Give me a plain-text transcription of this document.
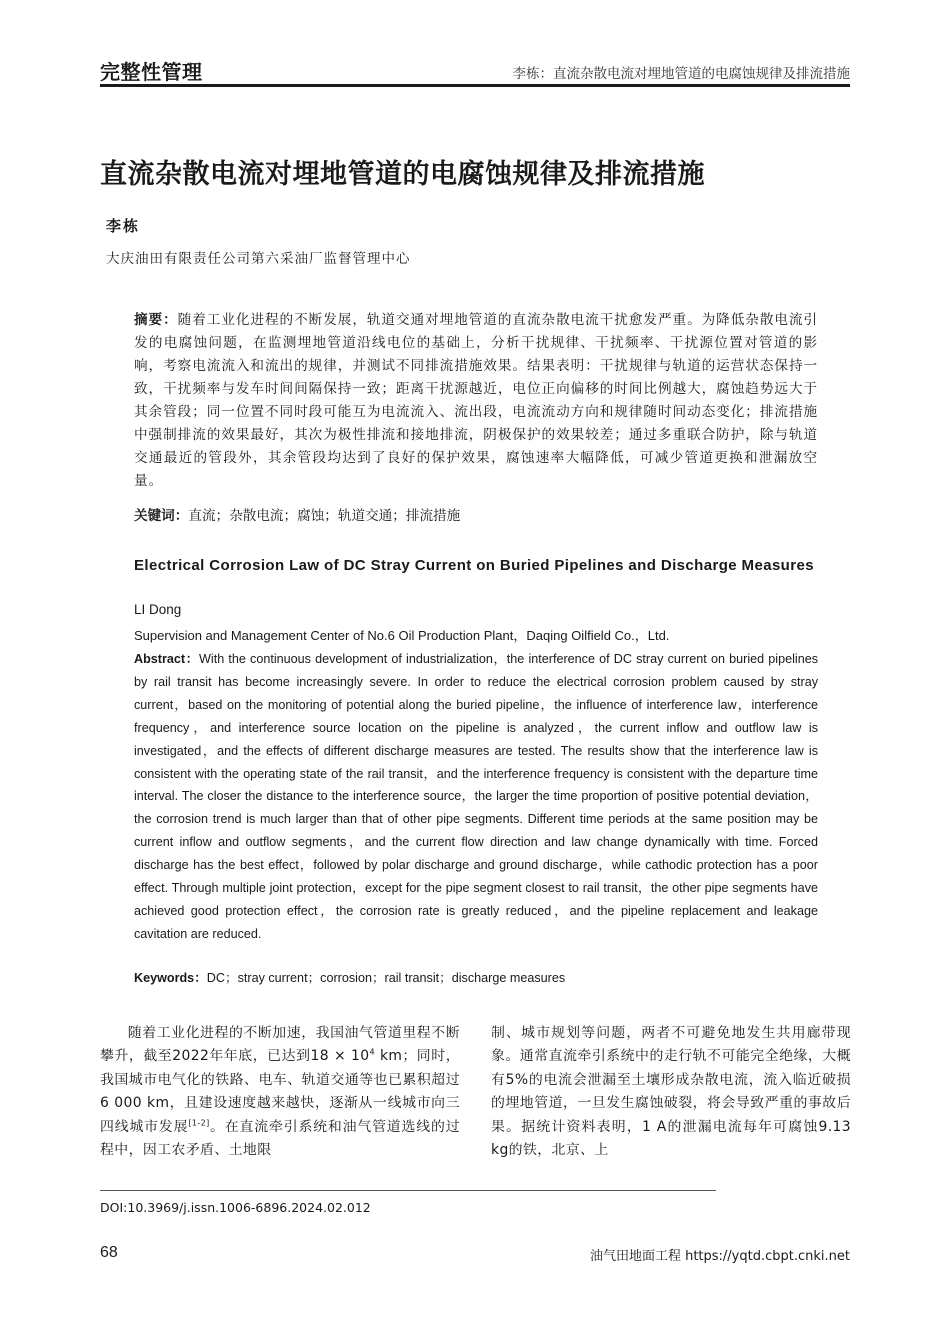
完整性管理	李栋：直流杂散电流对埋地管道的电腐蚀规律及排流措施
直流杂散电流对埋地管道的电腐蚀规律及排流措施
李栋
大庆油田有限责任公司第六采油厂监督管理中心
摘要：随着工业化进程的不断发展，轨道交通对埋地管道的直流杂散电流干扰愈发严重。为降低杂散电流引发的电腐蚀问题，在监测埋地管道沿线电位的基础上，分析干扰规律、干扰频率、干扰源位置对管道的影响，考察电流流入和流出的规律，并测试不同排流措施效果。结果表明：干扰规律与轨道的运营状态保持一致，干扰频率与发车时间间隔保持一致；距离干扰源越近，电位正向偏移的时间比例越大，腐蚀趋势远大于其余管段；同一位置不同时段可能互为电流流入、流出段，电流流动方向和规律随时间动态变化；排流措施中强制排流的效果最好，其次为极性排流和接地排流，阴极保护的效果较差；通过多重联合防护，除与轨道交通最近的管段外，其余管段均达到了良好的保护效果，腐蚀速率大幅降低，可减少管道更换和泄漏放空量。
关键词：直流；杂散电流；腐蚀；轨道交通；排流措施
Electrical Corrosion Law of DC Stray Current on Buried Pipelines and Discharge Measures
LI Dong
Supervision and Management Center of No.6 Oil Production Plant，Daqing Oilfield Co.，Ltd.
Abstract：With the continuous development of industrialization，the interference of DC stray current on buried pipelines by rail transit has become increasingly severe. In order to reduce the electrical corrosion problem caused by stray current，based on the monitoring of potential along the buried pipeline，the influence of interference law，interference frequency，and interference source location on the pipeline is analyzed，the current inflow and outflow law is investigated，and the effects of different discharge measures are tested. The results show that the interference law is consistent with the operating state of the rail transit，and the interference frequency is consistent with the departure time interval. The closer the distance to the interference source，the larger the time proportion of positive potential deviation，the corrosion trend is much larger than that of other pipe segments. Different time periods at the same position may be current inflow and outflow segments，and the current flow direction and law change dynamically with time. Forced discharge has the best effect，followed by polar discharge and ground discharge，while cathodic protection has a poor effect. Through multiple joint protection，except for the pipe segment closest to rail transit，the other pipe segments have achieved good protection effect，the corrosion rate is greatly reduced，and the pipeline replacement and leakage cavitation are reduced.
Keywords：DC；stray current；corrosion；rail transit；discharge measures
随着工业化进程的不断加速，我国油气管道里程不断攀升，截至2022年年底，已达到$18 \times 10^4$ km；同时，我国城市电气化的铁路、电车、轨道交通等也已累积超过6 000 km，且建设速度越来越快，逐渐从一线城市向三四线城市发展[1-2]。在直流牵引系统和油气管道选线的过程中，因工农矛盾、土地限
制、城市规划等问题，两者不可避免地发生共用廊带现象。通常直流牵引系统中的走行轨不可能完全绝缘，大概有5%的电流会泄漏至土壤形成杂散电流，流入临近破损的埋地管道，一旦发生腐蚀破裂，将会导致严重的事故后果。据统计资料表明，1 A的泄漏电流每年可腐蚀9.13 kg的铁，北京、上
DOI:10.3969/j.issn.1006-6896.2024.02.012
68	油气田地面工程 https://yqtd.cbpt.cnki.net
